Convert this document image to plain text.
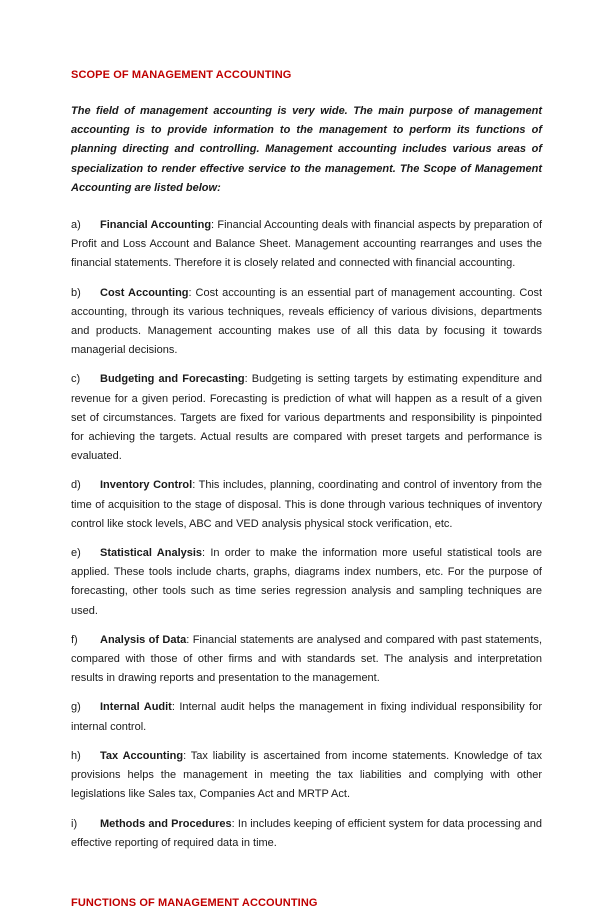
SCOPE OF MANAGEMENT ACCOUNTING

The field of management accounting is very wide. The main purpose of management accounting is to provide information to the management to perform its functions of planning directing and controlling. Management accounting includes various areas of specialization to render effective service to the management. The Scope of Management Accounting are listed below:

a) Financial Accounting: Financial Accounting deals with financial aspects by preparation of Profit and Loss Account and Balance Sheet. Management accounting rearranges and uses the financial statements. Therefore it is closely related and connected with financial accounting.

b) Cost Accounting: Cost accounting is an essential part of management accounting. Cost accounting, through its various techniques, reveals efficiency of various divisions, departments and products. Management accounting makes use of all this data by focusing it towards managerial decisions.

c) Budgeting and Forecasting: Budgeting is setting targets by estimating expenditure and revenue for a given period. Forecasting is prediction of what will happen as a result of a given set of circumstances. Targets are fixed for various departments and responsibility is pinpointed for achieving the targets. Actual results are compared with preset targets and performance is evaluated.

d) Inventory Control: This includes, planning, coordinating and control of inventory from the time of acquisition to the stage of disposal. This is done through various techniques of inventory control like stock levels, ABC and VED analysis physical stock verification, etc.

e) Statistical Analysis: In order to make the information more useful statistical tools are applied. These tools include charts, graphs, diagrams index numbers, etc. For the purpose of forecasting, other tools such as time series regression analysis and sampling techniques are used.

f) Analysis of Data: Financial statements are analysed and compared with past statements, compared with those of other firms and with standards set. The analysis and interpretation results in drawing reports and presentation to the management.

g) Internal Audit: Internal audit helps the management in fixing individual responsibility for internal control.

h) Tax Accounting: Tax liability is ascertained from income statements. Knowledge of tax provisions helps the management in meeting the tax liabilities and complying with other legislations like Sales tax, Companies Act and MRTP Act.

i) Methods and Procedures: In includes keeping of efficient system for data processing and effective reporting of required data in time.

FUNCTIONS OF MANAGEMENT ACCOUNTING
